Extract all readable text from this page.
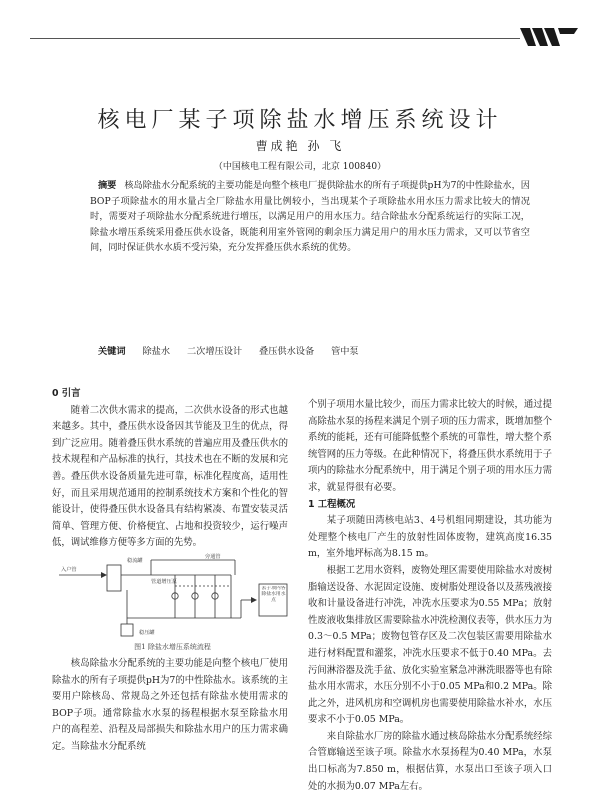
核电厂某子项除盐水增压系统设计
曹成艳 孙 飞
（中国核电工程有限公司，北京 100840）
摘要 核岛除盐水分配系统的主要功能是向整个核电厂提供除盐水的所有子项提供pH为7的中性除盐水，因BOP子项除盐水的用水量占全厂除盐水用量比例较小，当出现某个子项除盐水用水压力需求比较大的情况时，需要对子项除盐水分配系统进行增压，以满足用户的用水压力。结合除盐水分配系统运行的实际工况，除盐水增压系统采用叠压供水设备，既能利用室外管网的剩余压力满足用户的用水压力需求，又可以节省空间，同时保证供水水质不受污染，充分发挥叠压供水系统的优势。
关键词 除盐水 二次增压设计 叠压供水设备 管中泵

0 引言

随着二次供水需求的提高，二次供水设备的形式也越来越多。其中，叠压供水设备因其节能及卫生的优点，得到广泛应用。随着叠压供水系统的普遍应用及叠压供水的技术规程和产品标准的执行，其技术也在不断的发展和完善。叠压供水设备质量先进可靠，标准化程度高，适用性好，而且采用规范通用的控制系统技术方案和个性化的智能设计，使得叠压供水设备具有结构紧凑、布置安装灵活简单、管理方便、价格便宜、占地和投资较少，运行噪声低，调试维修方便等多方面的先势。

入户管
稳流罐
管道增压泵
旁通管
稳压罐
去子项内各除盐水用水点
图1 除盐水增压系统流程

核岛除盐水分配系统的主要功能是向整个核电厂使用除盐水的所有子项提供pH为7的中性除盐水。该系统的主要用户除核岛、常规岛之外还包括有除盐水使用需求的BOP子项。通常除盐水水泵的扬程根据水泵至除盐水用户的高程差、沿程及局部损失和除盐水用户的压力需求确定。当除盐水分配系统

个别子项用水量比较少，而压力需求比较大的时候，通过提高除盐水泵的扬程来满足个别子项的压力需求，既增加整个系统的能耗，还有可能降低整个系统的可靠性，增大整个系统管网的压力等级。在此种情况下，将叠压供水系统用于子项内的除盐水分配系统中，用于满足个别子项的用水压力需求，就显得很有必要。

1 工程概况

某子项随田湾核电站3、4号机组同期建设，其功能为处理整个核电厂产生的放射性固体废物，建筑高度16.35 m，室外地坪标高为8.15 m。

根据工艺用水资料，废物处理区需要使用除盐水对废树脂输送设备、水泥固定设施、废树脂处理设备以及蒸残液接收和计量设备进行冲洗，冲洗水压要求为0.55 MPa；放射性废液收集排放区需要除盐水冲洗检测仪表等，供水压力为0.3～0.5 MPa；废物包管存区及二次包装区需要用除盐水进行材料配置和灌浆，冲洗水压要求不低于0.40 MPa。去污间淋浴器及洗手盆、放化实验室紧急冲淋洗眼器等也有除盐水用水需求，水压分别不小于0.05 MPa和0.2 MPa。除此之外，进风机房和空调机房也需要使用除盐水补水，水压要求不小于0.05 MPa。

来自除盐水厂房的除盐水通过核岛除盐水分配系统经综合管廊输送至该子项。除盐水水泵扬程为0.40 MPa，水泵出口标高为7.850 m，根据估算，水泵出口至该子项入口处的水损为0.07 MPa左右。
